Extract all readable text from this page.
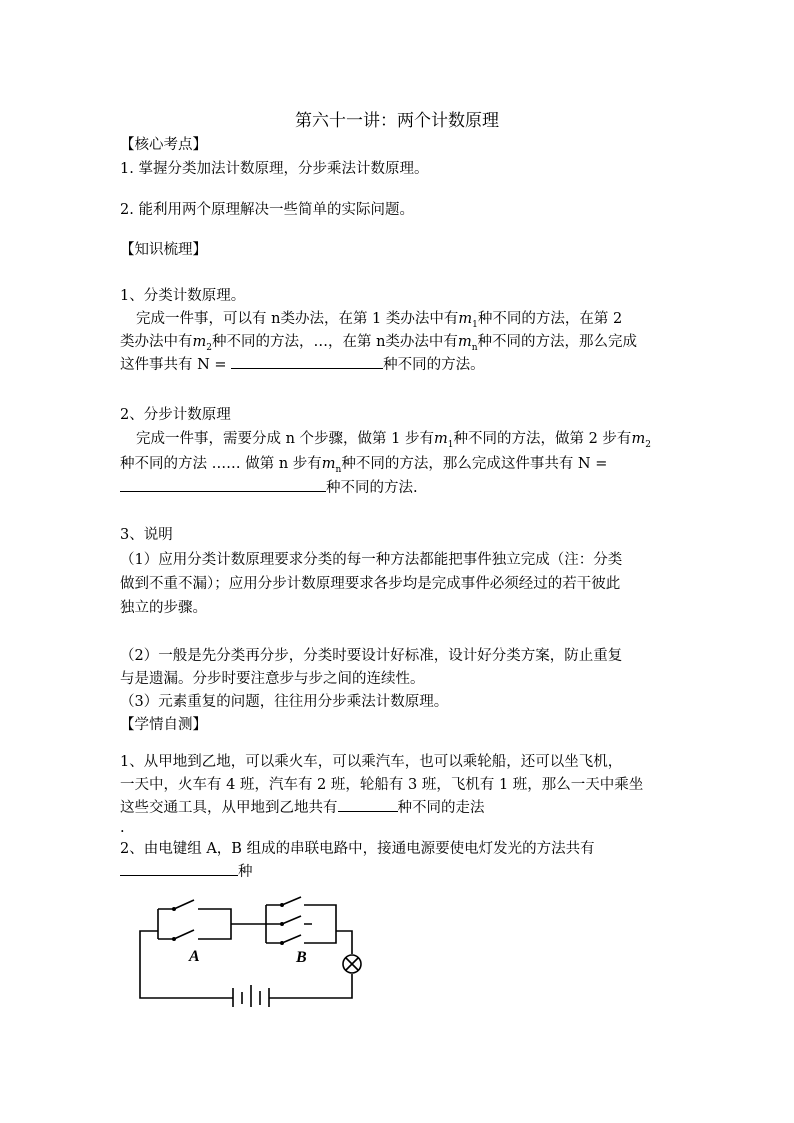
第六十一讲：两个计数原理
【核心考点】
1. 掌握分类加法计数原理，分步乘法计数原理。
2. 能利用两个原理解决一些简单的实际问题。
【知识梳理】
1、分类计数原理。
完成一件事，可以有 n类办法，在第 1 类办法中有$m_1$种不同的方法，在第 2
类办法中有$m_2$种不同的方法，…，在第 n类办法中有$m_n$种不同的方法，那么完成
这件事共有 N =	种不同的方法。
2、分步计数原理
完成一件事，需要分成 n 个步骤，做第 1 步有$m_1$种不同的方法，做第 2 步有$m_2$
种不同的方法 …… 做第 n 步有$m_n$种不同的方法，那么完成这件事共有 N =
种不同的方法.
3、说明
（1）应用分类计数原理要求分类的每一种方法都能把事件独立完成（注：分类
做到不重不漏）；应用分步计数原理要求各步均是完成事件必须经过的若干彼此
独立的步骤。
（2）一般是先分类再分步，分类时要设计好标准，设计好分类方案，防止重复
与是遗漏。分步时要注意步与步之间的连续性。
（3）元素重复的问题，往往用分步乘法计数原理。
【学情自测】
1、从甲地到乙地，可以乘火车，可以乘汽车，也可以乘轮船，还可以坐飞机，
一天中，火车有 4 班，汽车有 2 班，轮船有 3 班，飞机有 1 班，那么一天中乘坐
这些交通工具，从甲地到乙地共有	种不同的走法
.
2、由电键组 A，B 组成的串联电路中，接通电源要使电灯发光的方法共有
种
A	B
